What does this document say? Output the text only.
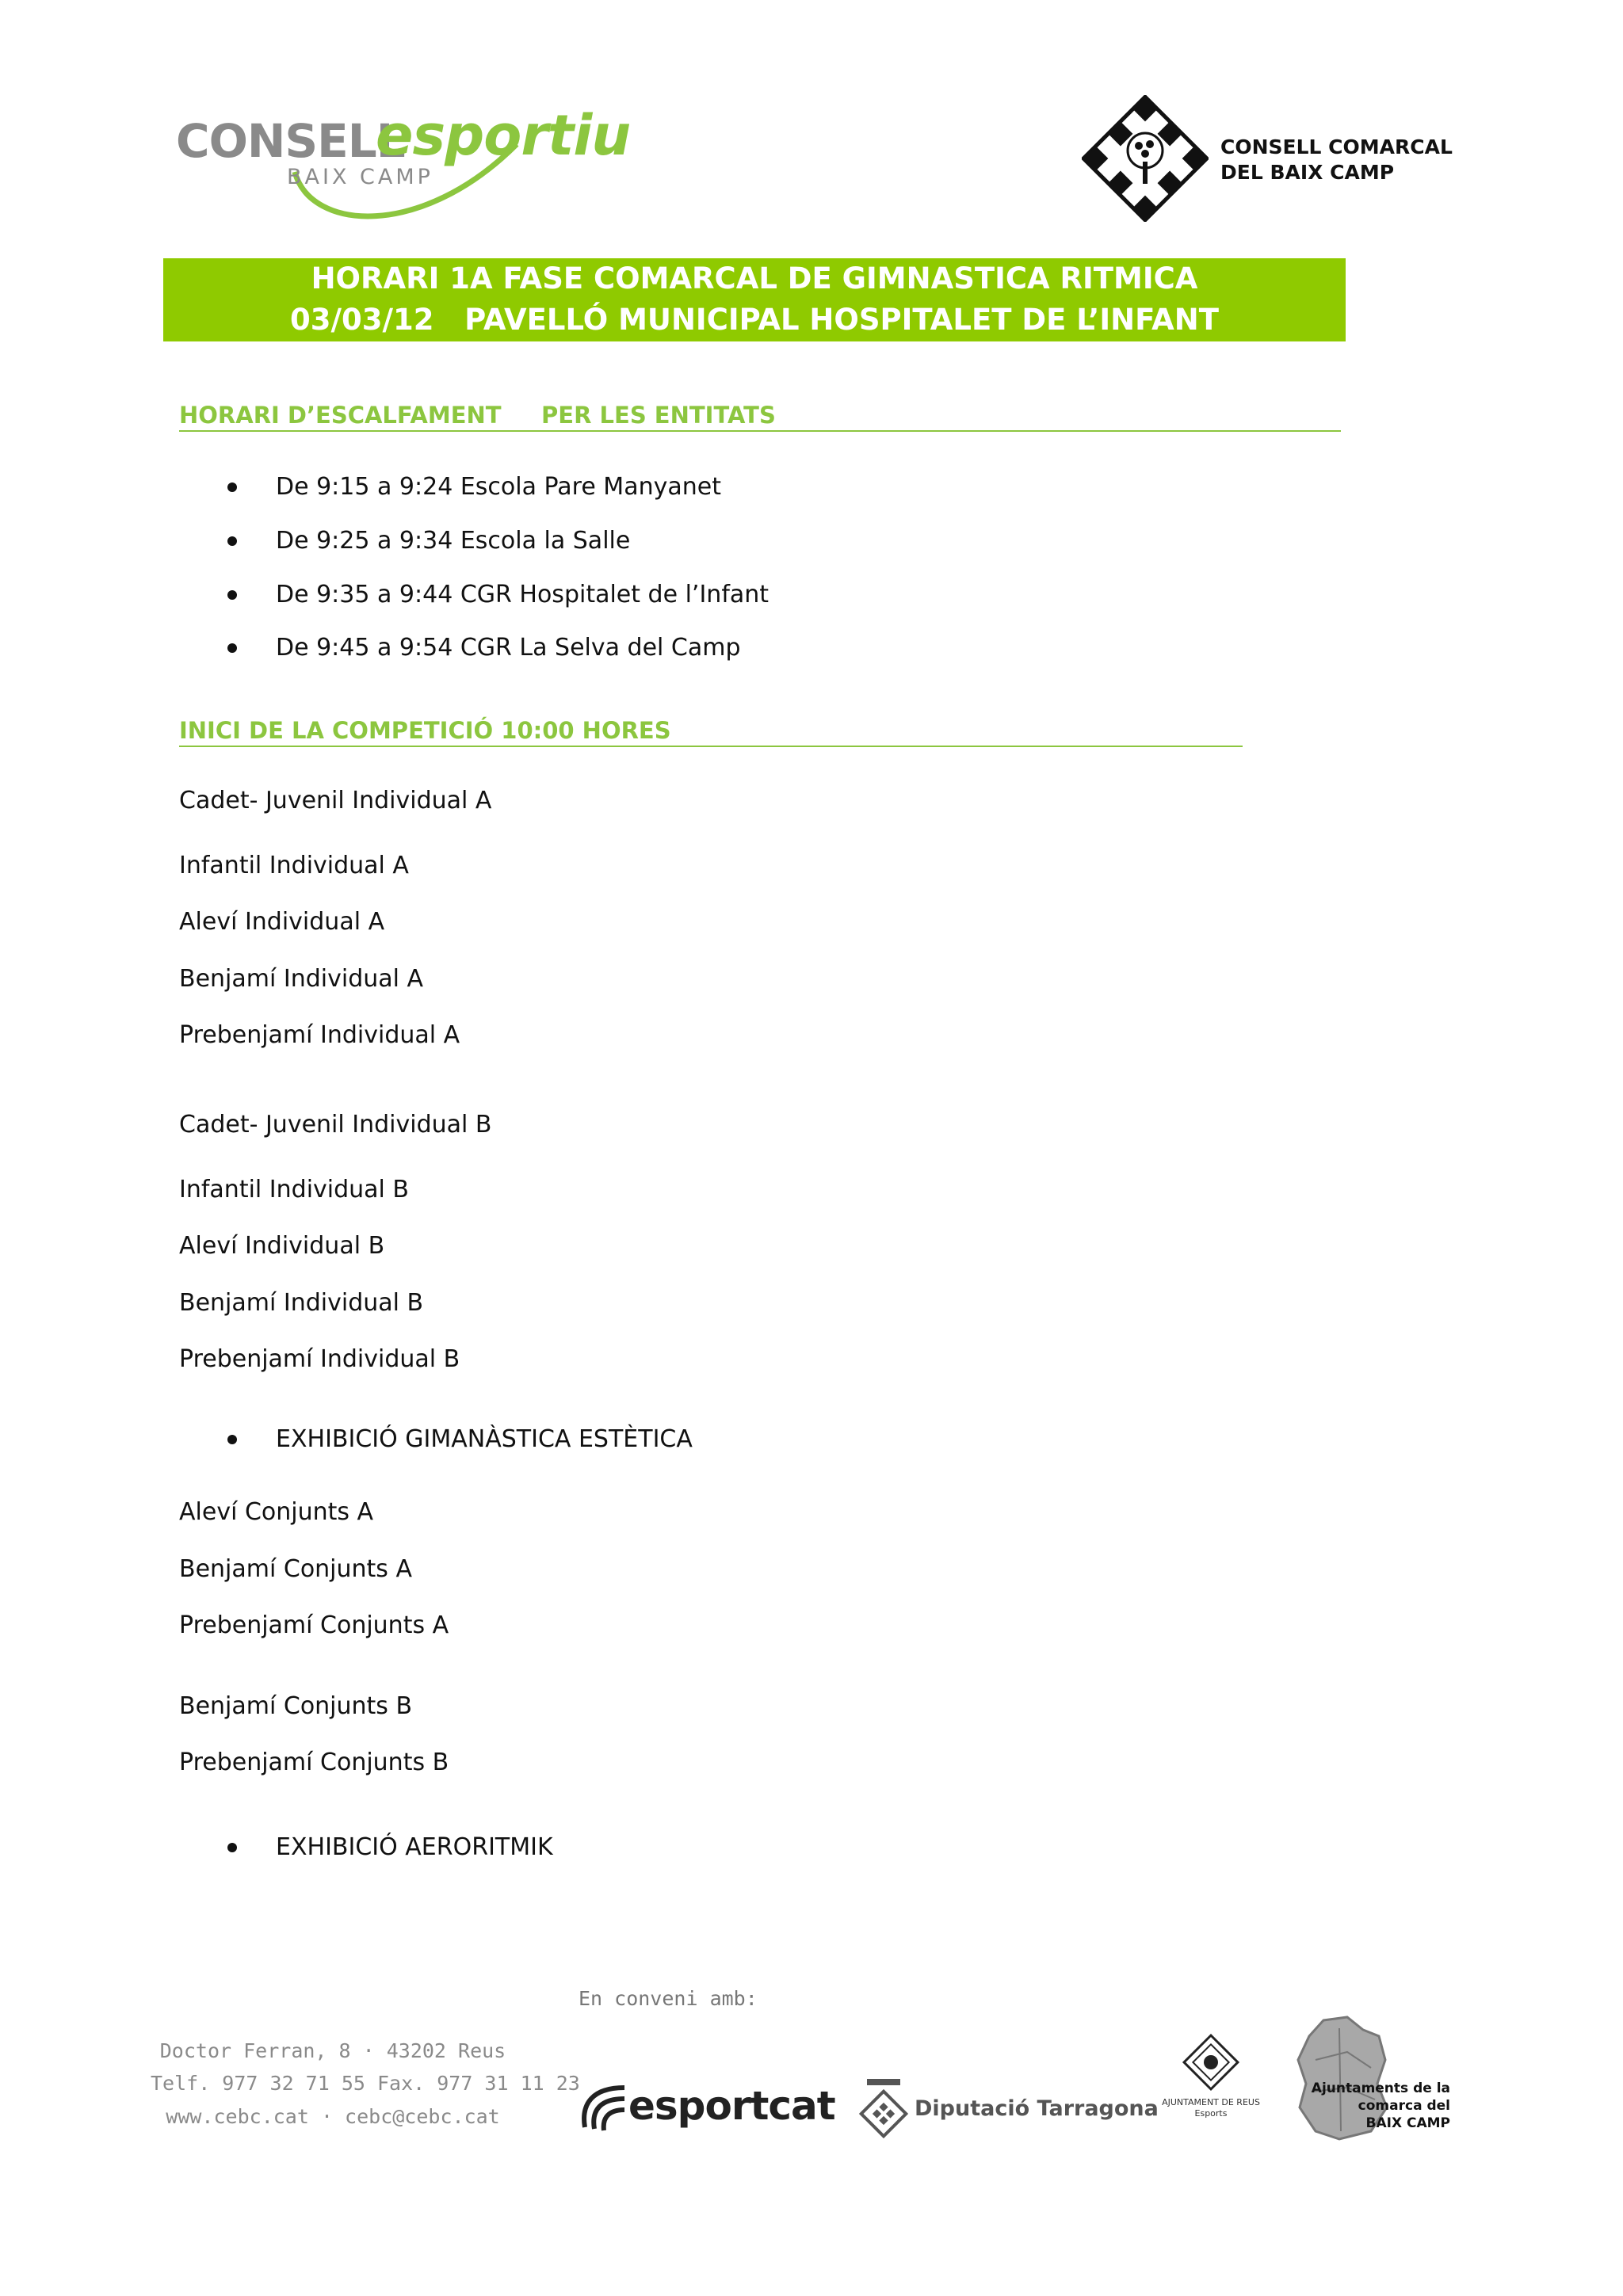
CONSELL
esportiu
BAIX CAMP
CONSELL COMARCAL
DEL BAIX CAMP
HORARI 1A FASE COMARCAL DE GIMNASTICA RITMICA
03/03/12   PAVELLÓ MUNICIPAL HOSPITALET DE L’INFANT
HORARI D’ESCALFAMENT     PER LES ENTITATS
De 9:15 a 9:24 Escola Pare Manyanet
De 9:25 a 9:34 Escola la Salle
De 9:35 a 9:44 CGR Hospitalet de l’Infant
De 9:45 a 9:54 CGR La Selva del Camp
INICI DE LA COMPETICIÓ 10:00 HORES
Cadet- Juvenil Individual A
Infantil Individual A
Aleví Individual A
Benjamí Individual A
Prebenjamí Individual A
Cadet- Juvenil Individual B
Infantil Individual B
Aleví Individual B
Benjamí Individual B
Prebenjamí Individual B
EXHIBICIÓ GIMANÀSTICA ESTÈTICA
Aleví Conjunts A
Benjamí Conjunts A
Prebenjamí Conjunts A
Benjamí Conjunts B
Prebenjamí Conjunts B
EXHIBICIÓ AERORITMIK
En conveni amb:
Doctor Ferran, 8 · 43202 Reus
Telf. 977 32 71 55 Fax. 977 31 11 23
www.cebc.cat · cebc@cebc.cat	esportcat	Diputació Tarragona AJUNTAMENT DE REUS
Esports
Ajuntaments de la
comarca del
BAIX CAMP
